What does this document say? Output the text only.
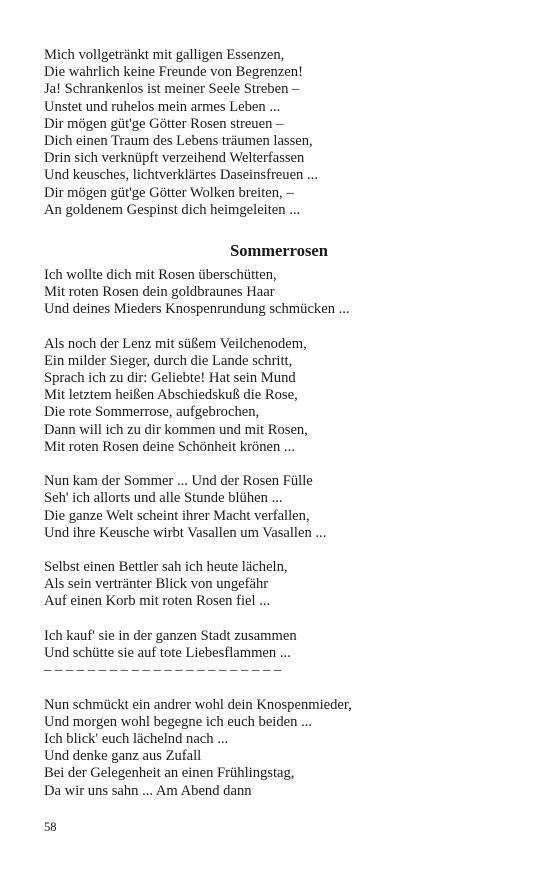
Mich vollgetränkt mit galligen Essenzen,
Die wahrlich keine Freunde von Begrenzen!
Ja! Schrankenlos ist meiner Seele Streben –
Unstet und ruhelos mein armes Leben ...
Dir mögen güt'ge Götter Rosen streuen –
Dich einen Traum des Lebens träumen lassen,
Drin sich verknüpft verzeihend Welterfassen
Und keusches, lichtverklärtes Daseinsfreuen ...
Dir mögen güt'ge Götter Wolken breiten, –
An goldenem Gespinst dich heimgeleiten ...
Sommerrosen
Ich wollte dich mit Rosen überschütten,
Mit roten Rosen dein goldbraunes Haar
Und deines Mieders Knospenrundung schmücken ...
Als noch der Lenz mit süßem Veilchenodem,
Ein milder Sieger, durch die Lande schritt,
Sprach ich zu dir: Geliebte! Hat sein Mund
Mit letztem heißen Abschiedskuß die Rose,
Die rote Sommerrose, aufgebrochen,
Dann will ich zu dir kommen und mit Rosen,
Mit roten Rosen deine Schönheit krönen ...
Nun kam der Sommer ... Und der Rosen Fülle
Seh' ich allorts und alle Stunde blühen ...
Die ganze Welt scheint ihrer Macht verfallen,
Und ihre Keusche wirbt Vasallen um Vasallen ...
Selbst einen Bettler sah ich heute lächeln,
Als sein vertränter Blick von ungefähr
Auf einen Korb mit roten Rosen fiel ...
Ich kauf' sie in der ganzen Stadt zusammen
Und schütte sie auf tote Liebesflammen ...
– – – – – – – – – – – – – – – – – – – – – –
Nun schmückt ein andrer wohl dein Knospenmieder,
Und morgen wohl begegne ich euch beiden ...
Ich blick' euch lächelnd nach ...
Und denke ganz aus Zufall
Bei der Gelegenheit an einen Frühlingstag,
Da wir uns sahn ... Am Abend dann
58
